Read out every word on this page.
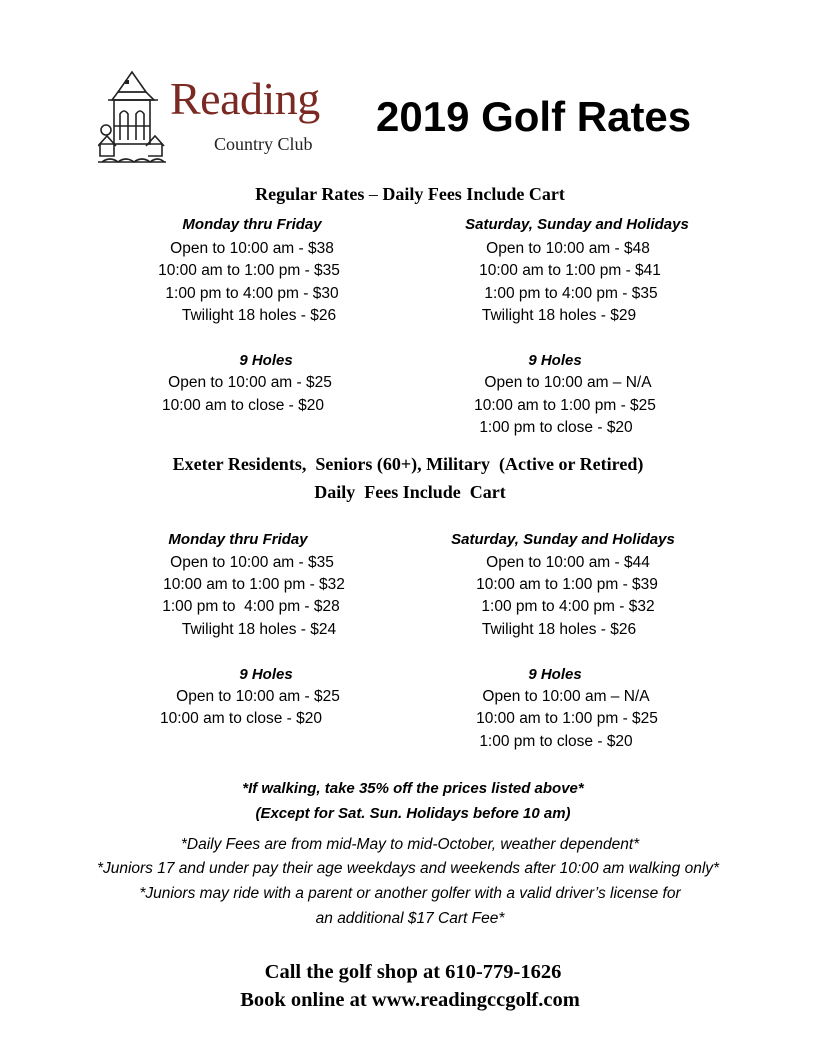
Reading
Country Club
2019 Golf Rates
Regular Rates – Daily Fees Include Cart
Monday thru Friday
Open to 10:00 am - $38
10:00 am to 1:00 pm - $35
1:00 pm to 4:00 pm - $30
Twilight 18 holes - $26
Saturday, Sunday and Holidays
Open to 10:00 am - $48
10:00 am to 1:00 pm - $41
1:00 pm to 4:00 pm - $35
Twilight 18 holes - $29
9 Holes
Open to 10:00 am - $25
10:00 am to close - $20
9 Holes
Open to 10:00 am – N/A
10:00 am to 1:00 pm - $25
1:00 pm to close - $20
Exeter Residents,  Seniors (60+), Military  (Active or Retired)
Daily  Fees Include  Cart
Monday thru Friday
Open to 10:00 am - $35
10:00 am to 1:00 pm - $32
1:00 pm to  4:00 pm - $28
Twilight 18 holes - $24
Saturday, Sunday and Holidays
Open to 10:00 am - $44
10:00 am to 1:00 pm - $39
1:00 pm to 4:00 pm - $32
Twilight 18 holes - $26
9 Holes
Open to 10:00 am - $25
10:00 am to close - $20
9 Holes
Open to 10:00 am – N/A
10:00 am to 1:00 pm - $25
1:00 pm to close - $20
*If walking, take 35% off the prices listed above*
(Except for Sat. Sun. Holidays before 10 am)
*Daily Fees are from mid-May to mid-October, weather dependent*
*Juniors 17 and under pay their age weekdays and weekends after 10:00 am walking only*
*Juniors may ride with a parent or another golfer with a valid driver’s license for
an additional $17 Cart Fee*
Call the golf shop at 610-779-1626
Book online at www.readingccgolf.com
